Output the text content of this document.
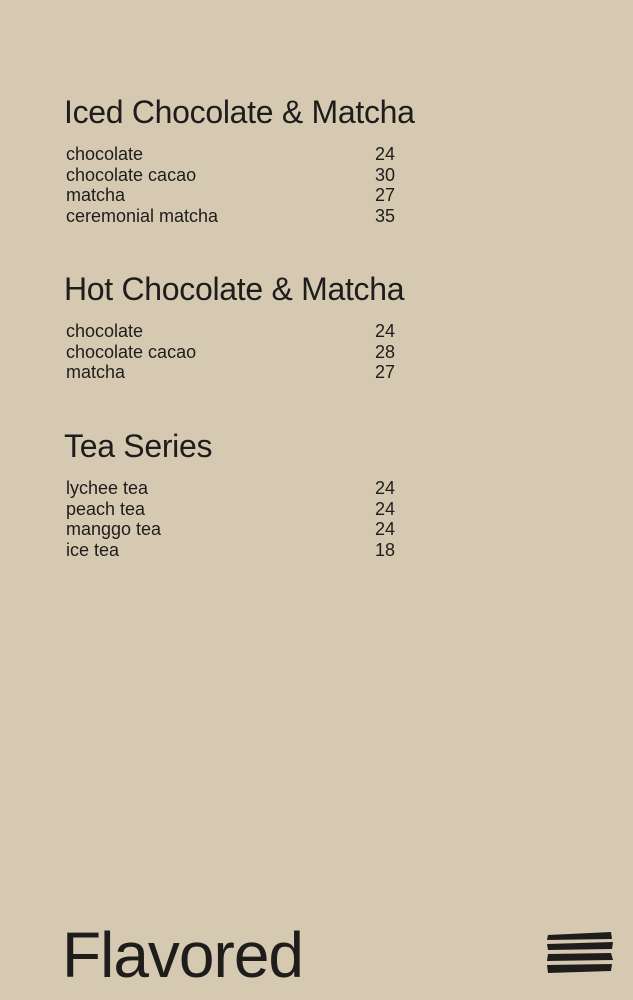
Iced Chocolate & Matcha
chocolate	24
chocolate cacao	30
matcha	27
ceremonial matcha	35
Hot Chocolate & Matcha
chocolate	24
chocolate cacao	28
matcha	27
Tea Series
lychee tea	24
peach tea	24
manggo tea	24
ice tea	18
Flavored
